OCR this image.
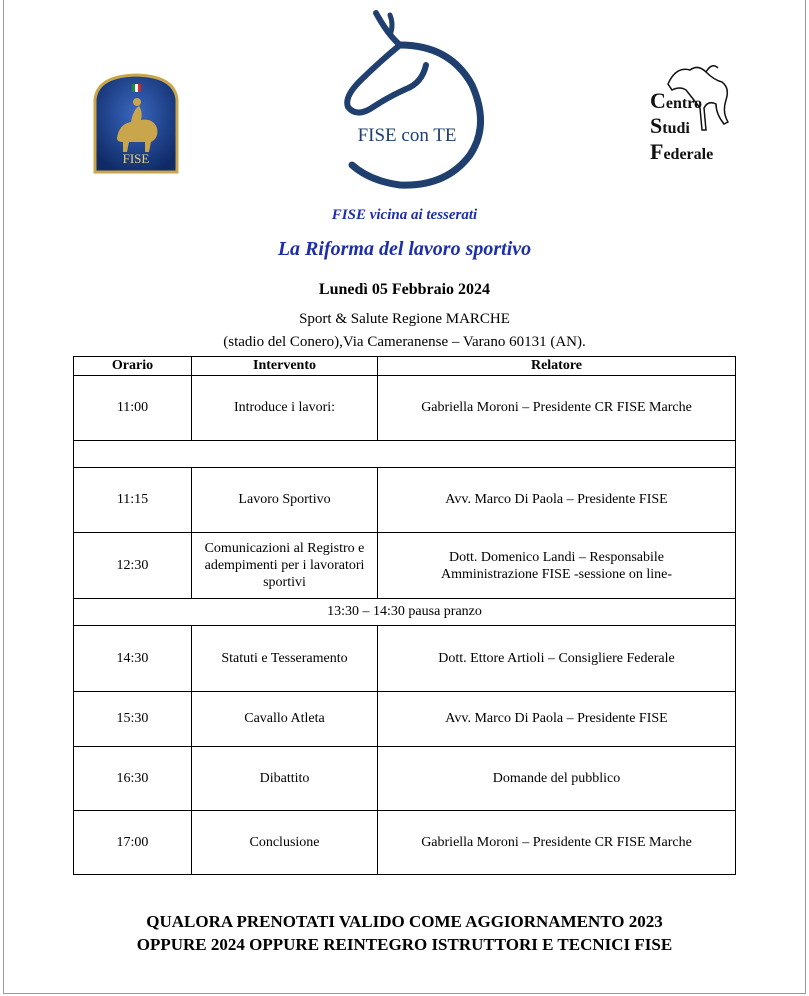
FISE
FISE con TE
Centro
Studi
Federale
FISE vicina ai tesserati
La Riforma del lavoro sportivo
Lunedì 05 Febbraio 2024
Sport & Salute Regione MARCHE
(stadio del Conero),Via Cameranense – Varano 60131 (AN).
Orario	Intervento	Relatore
11:00	Introduce i lavori:	Gabriella Moroni – Presidente CR FISE Marche

11:15	Lavoro Sportivo	Avv. Marco Di Paola – Presidente FISE
12:30	Comunicazioni al Registro e adempimenti per i lavoratori sportivi	Dott. Domenico Landi – Responsabile Amministrazione FISE -sessione on line-
13:30 – 14:30 pausa pranzo		
14:30	Statuti e Tesseramento	Dott. Ettore Artioli – Consigliere Federale
15:30	Cavallo Atleta	Avv. Marco Di Paola – Presidente FISE
16:30	Dibattito	Domande del pubblico
17:00	Conclusione	Gabriella Moroni – Presidente CR FISE Marche
QUALORA PRENOTATI VALIDO COME AGGIORNAMENTO 2023
OPPURE 2024 OPPURE REINTEGRO ISTRUTTORI E TECNICI FISE
